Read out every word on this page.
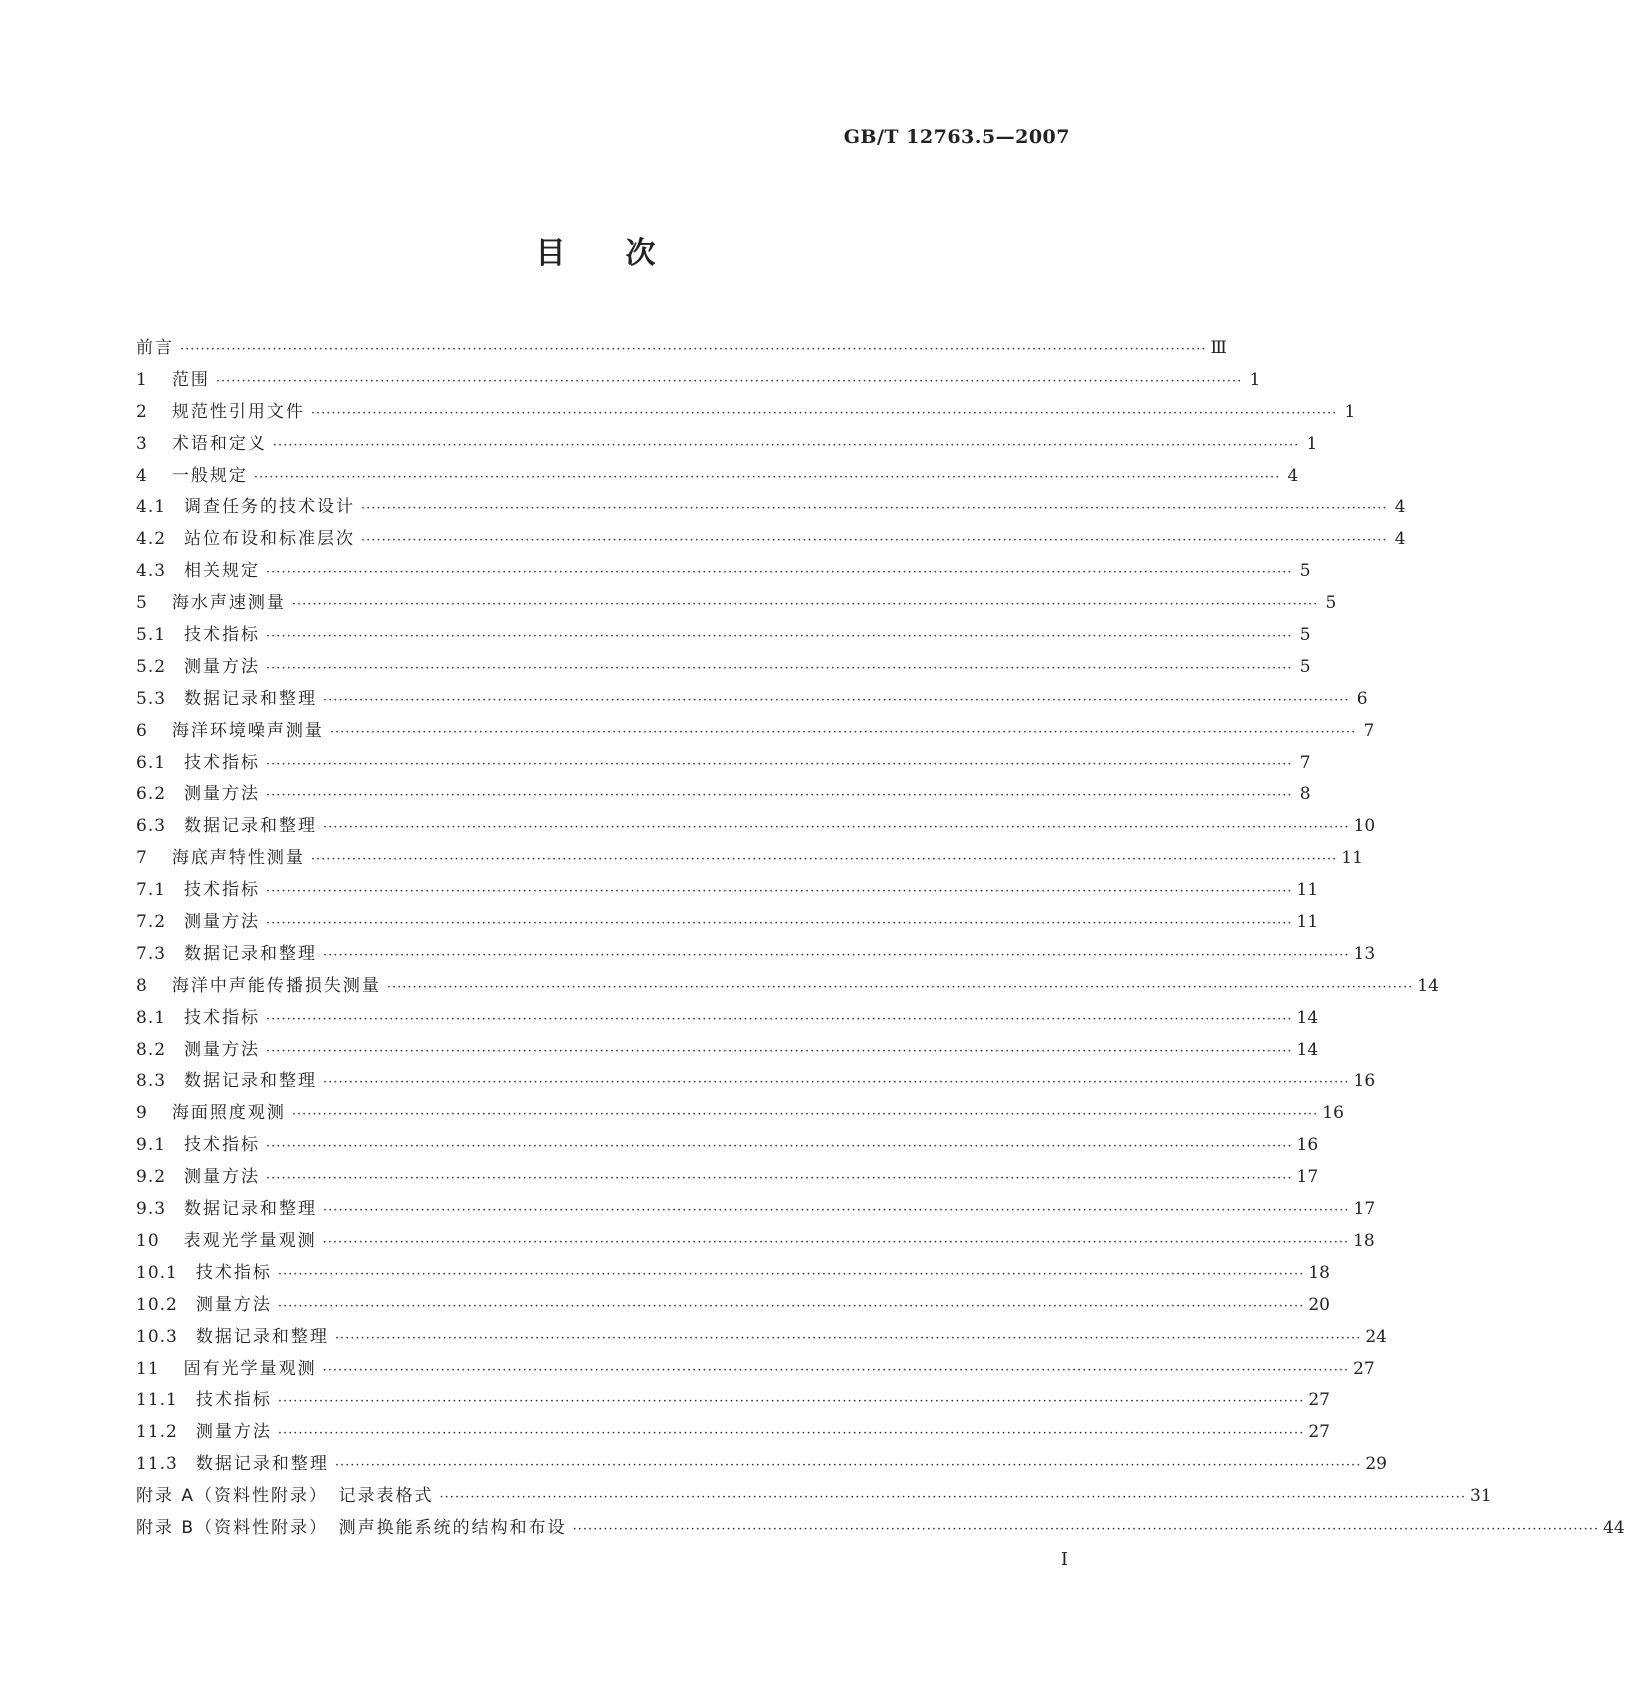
GB/T 12763.5—2007
目次
前言 ········································································································································································································ Ⅲ
1 范围 ········································································································································································································ 1
2 规范性引用文件 ········································································································································································································ 1
3 术语和定义 ········································································································································································································ 1
4 一般规定 ········································································································································································································ 4
4.1 调查任务的技术设计 ········································································································································································································ 4
4.2 站位布设和标准层次 ········································································································································································································ 4
4.3 相关规定 ········································································································································································································ 5
5 海水声速测量 ········································································································································································································ 5
5.1 技术指标 ········································································································································································································ 5
5.2 测量方法 ········································································································································································································ 5
5.3 数据记录和整理 ········································································································································································································ 6
6 海洋环境噪声测量 ········································································································································································································ 7
6.1 技术指标 ········································································································································································································ 7
6.2 测量方法 ········································································································································································································ 8
6.3 数据记录和整理 ········································································································································································································ 10
7 海底声特性测量 ········································································································································································································ 11
7.1 技术指标 ········································································································································································································ 11
7.2 测量方法 ········································································································································································································ 11
7.3 数据记录和整理 ········································································································································································································ 13
8 海洋中声能传播损失测量 ········································································································································································································ 14
8.1 技术指标 ········································································································································································································ 14
8.2 测量方法 ········································································································································································································ 14
8.3 数据记录和整理 ········································································································································································································ 16
9 海面照度观测 ········································································································································································································ 16
9.1 技术指标 ········································································································································································································ 16
9.2 测量方法 ········································································································································································································ 17
9.3 数据记录和整理 ········································································································································································································ 17
10 表观光学量观测 ········································································································································································································ 18
10.1 技术指标 ········································································································································································································ 18
10.2 测量方法 ········································································································································································································ 20
10.3 数据记录和整理 ········································································································································································································ 24
11 固有光学量观测 ········································································································································································································ 27
11.1 技术指标 ········································································································································································································ 27
11.2 测量方法 ········································································································································································································ 27
11.3 数据记录和整理 ········································································································································································································ 29
附录 A（资料性附录）　记录表格式 ········································································································································································································ 31
附录 B（资料性附录）　测声换能系统的结构和布设 ········································································································································································································ 44
I
